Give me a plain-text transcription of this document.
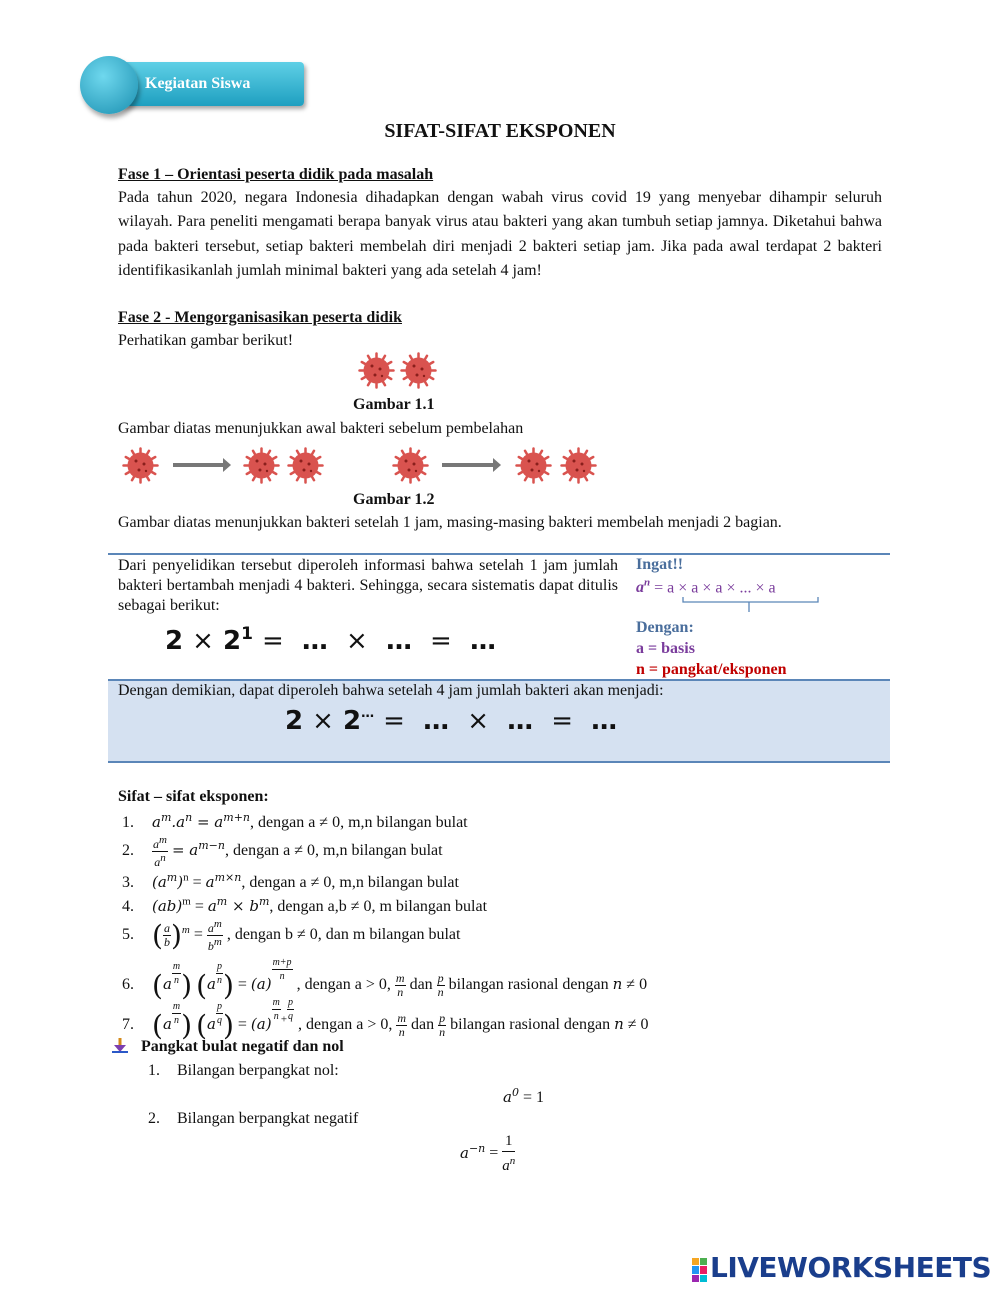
Kegiatan Siswa
SIFAT-SIFAT EKSPONEN
Fase 1 – Orientasi peserta didik pada masalah
Pada tahun 2020, negara Indonesia dihadapkan dengan wabah virus covid 19 yang menyebar dihampir seluruh wilayah. Para peneliti mengamati berapa banyak virus atau bakteri yang akan tumbuh setiap jamnya. Diketahui bahwa pada bakteri tersebut, setiap bakteri membelah diri menjadi 2 bakteri setiap jam. Jika pada awal terdapat 2 bakteri identifikasikanlah jumlah minimal bakteri yang ada setelah 4 jam!
Fase 2 - Mengorganisasikan peserta didik
Perhatikan gambar berikut!
Gambar 1.1
Gambar diatas menunjukkan awal bakteri sebelum pembelahan
Gambar 1.2
Gambar diatas menunjukkan bakteri setelah 1 jam, masing-masing bakteri membelah menjadi 2 bagian.
Dari penyelidikan tersebut diperoleh informasi bahwa setelah 1 jam jumlah bakteri bertambah menjadi 4 bakteri. Sehingga, secara sistematis dapat ditulis sebagai berikut:
$2 \times 2^1$ = … × … = …
Ingat!!
$a^n = a \times a \times a$ × ... × a
Dengan:
a = basis
n = pangkat/eksponen
Dengan demikian, dapat diperoleh bahwa setelah 4 jam jumlah bakteri akan menjadi:
2 × 2… = … × … = …
Sifat – sifat eksponen:
1. $a^m.a^n = a^{m+n}$, dengan a ≠ 0, m,n bilangan bulat
2. $\frac{a^m}{a^n} = a^{m-n}$, dengan a ≠ 0, m,n bilangan bulat
3. $(a^m)^n = a^{m\times n}$, dengan a ≠ 0, m,n bilangan bulat
4. $(ab)^m = a^m \times b^m$, dengan a,b ≠ 0, m bilangan bulat
5. ( $\frac{a}{b} )^m = \frac{a^m}{b^m}$ , dengan b ≠ 0, dan m bilangan bulat
6. ($a \frac{m}{n}$ ) ($a \frac{p}{n}$ ) = (a)
$\frac{m+p}{n}$
, dengan a > 0, $\frac{m}{n}$ dan $\frac{p}{n}$ bilangan rasional dengan n ≠ 0
7. ($a \frac{m}{n}$ ) ($a \frac{p}{q}$ ) = (a)
$\frac{m}{n} ^+ \frac{p}{q}$
, dengan a > 0, $\frac{m}{n}$ dan $\frac{p}{n}$ bilangan rasional dengan n ≠ 0
Pangkat bulat negatif dan nol
1. Bilangan berpangkat nol:
$a^0 = 1$
2. Bilangan berpangkat negatif
$a^{-n} = \frac{1}{a^n}$
LIVEWORKSHEETS
